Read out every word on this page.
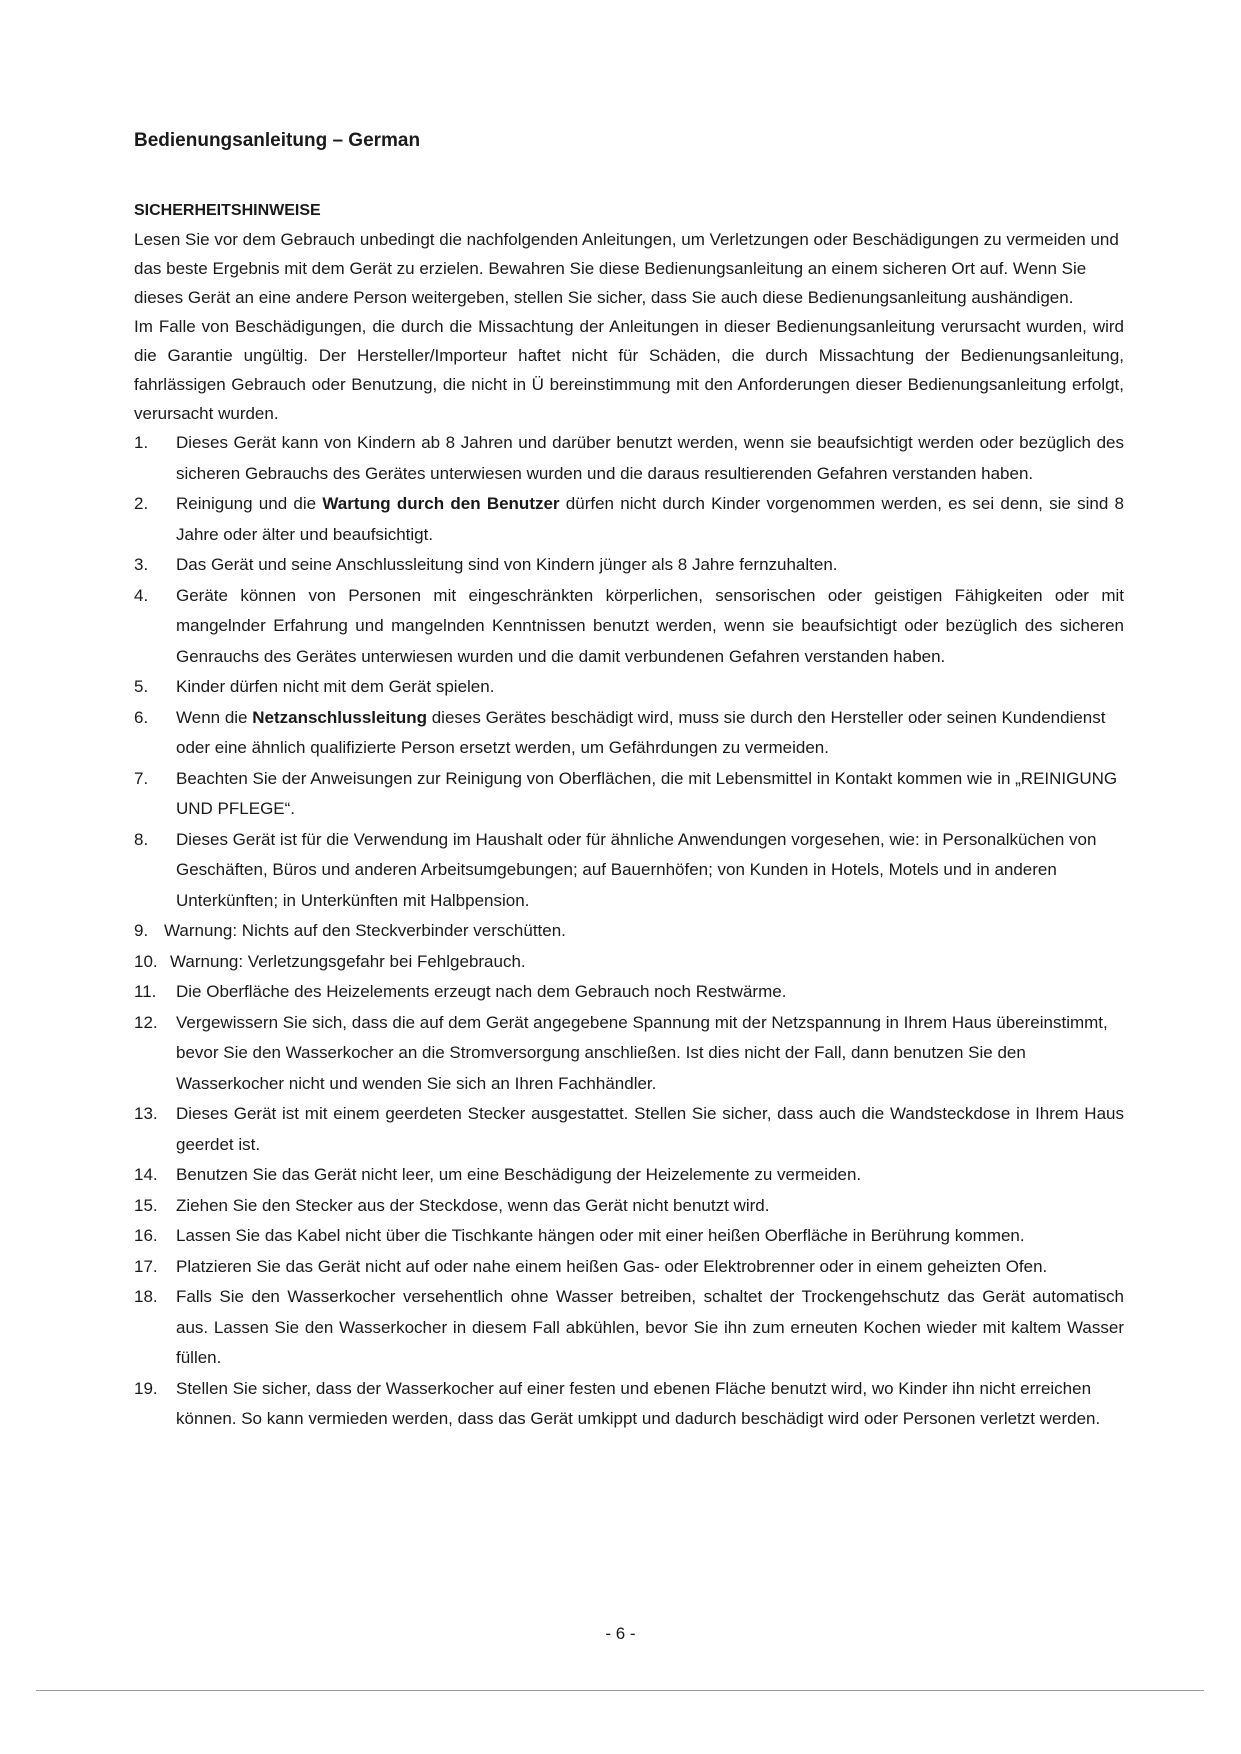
Bedienungsanleitung – German
SICHERHEITSHINWEISE

Lesen Sie vor dem Gebrauch unbedingt die nachfolgenden Anleitungen, um Verletzungen oder Beschädigungen zu vermeiden und das beste Ergebnis mit dem Gerät zu erzielen. Bewahren Sie diese Bedienungsanleitung an einem sicheren Ort auf. Wenn Sie dieses Gerät an eine andere Person weitergeben, stellen Sie sicher, dass Sie auch diese Bedienungsanleitung aushändigen.

Im Falle von Beschädigungen, die durch die Missachtung der Anleitungen in dieser Bedienungsanleitung verursacht wurden, wird die Garantie ungültig. Der Hersteller/Importeur haftet nicht für Schäden, die durch Missachtung der Bedienungsanleitung, fahrlässigen Gebrauch oder Benutzung, die nicht in Ü bereinstimmung mit den Anforderungen dieser Bedienungsanleitung erfolgt, verursacht wurden.

1.	Dieses Gerät kann von Kindern ab 8 Jahren und darüber benutzt werden, wenn sie beaufsichtigt werden oder bezüglich des sicheren Gebrauchs des Gerätes unterwiesen wurden und die daraus resultierenden Gefahren verstanden haben.
2.	Reinigung und die Wartung durch den Benutzer dürfen nicht durch Kinder vorgenommen werden, es sei denn, sie sind 8 Jahre oder älter und beaufsichtigt.
3.	Das Gerät und seine Anschlussleitung sind von Kindern jünger als 8 Jahre fernzuhalten.
4.	Geräte können von Personen mit eingeschränkten körperlichen, sensorischen oder geistigen Fähigkeiten oder mit mangelnder Erfahrung und mangelnden Kenntnissen benutzt werden, wenn sie beaufsichtigt oder bezüglich des sicheren Genrauchs des Gerätes unterwiesen wurden und die damit verbundenen Gefahren verstanden haben.
5.	Kinder dürfen nicht mit dem Gerät spielen.
6.	Wenn die Netzanschlussleitung dieses Gerätes beschädigt wird, muss sie durch den Hersteller oder seinen Kundendienst oder eine ähnlich qualifizierte Person ersetzt werden, um Gefährdungen zu vermeiden.
7.	Beachten Sie der Anweisungen zur Reinigung von Oberflächen, die mit Lebensmittel in Kontakt kommen wie in „REINIGUNG UND PFLEGE“.
8.	Dieses Gerät ist für die Verwendung im Haushalt oder für ähnliche Anwendungen vorgesehen, wie: in Personalküchen von Geschäften, Büros und anderen Arbeitsumgebungen; auf Bauernhöfen; von Kunden in Hotels, Motels und in anderen Unterkünften; in Unterkünften mit Halbpension.
9. Warnung: Nichts auf den Steckverbinder verschütten.
10. Warnung: Verletzungsgefahr bei Fehlgebrauch.
11.	Die Oberfläche des Heizelements erzeugt nach dem Gebrauch noch Restwärme.
12.	Vergewissern Sie sich, dass die auf dem Gerät angegebene Spannung mit der Netzspannung in Ihrem Haus übereinstimmt, bevor Sie den Wasserkocher an die Stromversorgung anschließen. Ist dies nicht der Fall, dann benutzen Sie den Wasserkocher nicht und wenden Sie sich an Ihren Fachhändler.
13.	Dieses Gerät ist mit einem geerdeten Stecker ausgestattet. Stellen Sie sicher, dass auch die Wandsteckdose in Ihrem Haus geerdet ist.
14.	Benutzen Sie das Gerät nicht leer, um eine Beschädigung der Heizelemente zu vermeiden.
15.	Ziehen Sie den Stecker aus der Steckdose, wenn das Gerät nicht benutzt wird.
16.	Lassen Sie das Kabel nicht über die Tischkante hängen oder mit einer heißen Oberfläche in Berührung kommen.
17.	Platzieren Sie das Gerät nicht auf oder nahe einem heißen Gas- oder Elektrobrenner oder in einem geheizten Ofen.
18.	Falls Sie den Wasserkocher versehentlich ohne Wasser betreiben, schaltet der Trockengehschutz das Gerät automatisch aus. Lassen Sie den Wasserkocher in diesem Fall abkühlen, bevor Sie ihn zum erneuten Kochen wieder mit kaltem Wasser füllen.
19.	Stellen Sie sicher, dass der Wasserkocher auf einer festen und ebenen Fläche benutzt wird, wo Kinder ihn nicht erreichen können. So kann vermieden werden, dass das Gerät umkippt und dadurch beschädigt wird oder Personen verletzt werden.
- 6 -
